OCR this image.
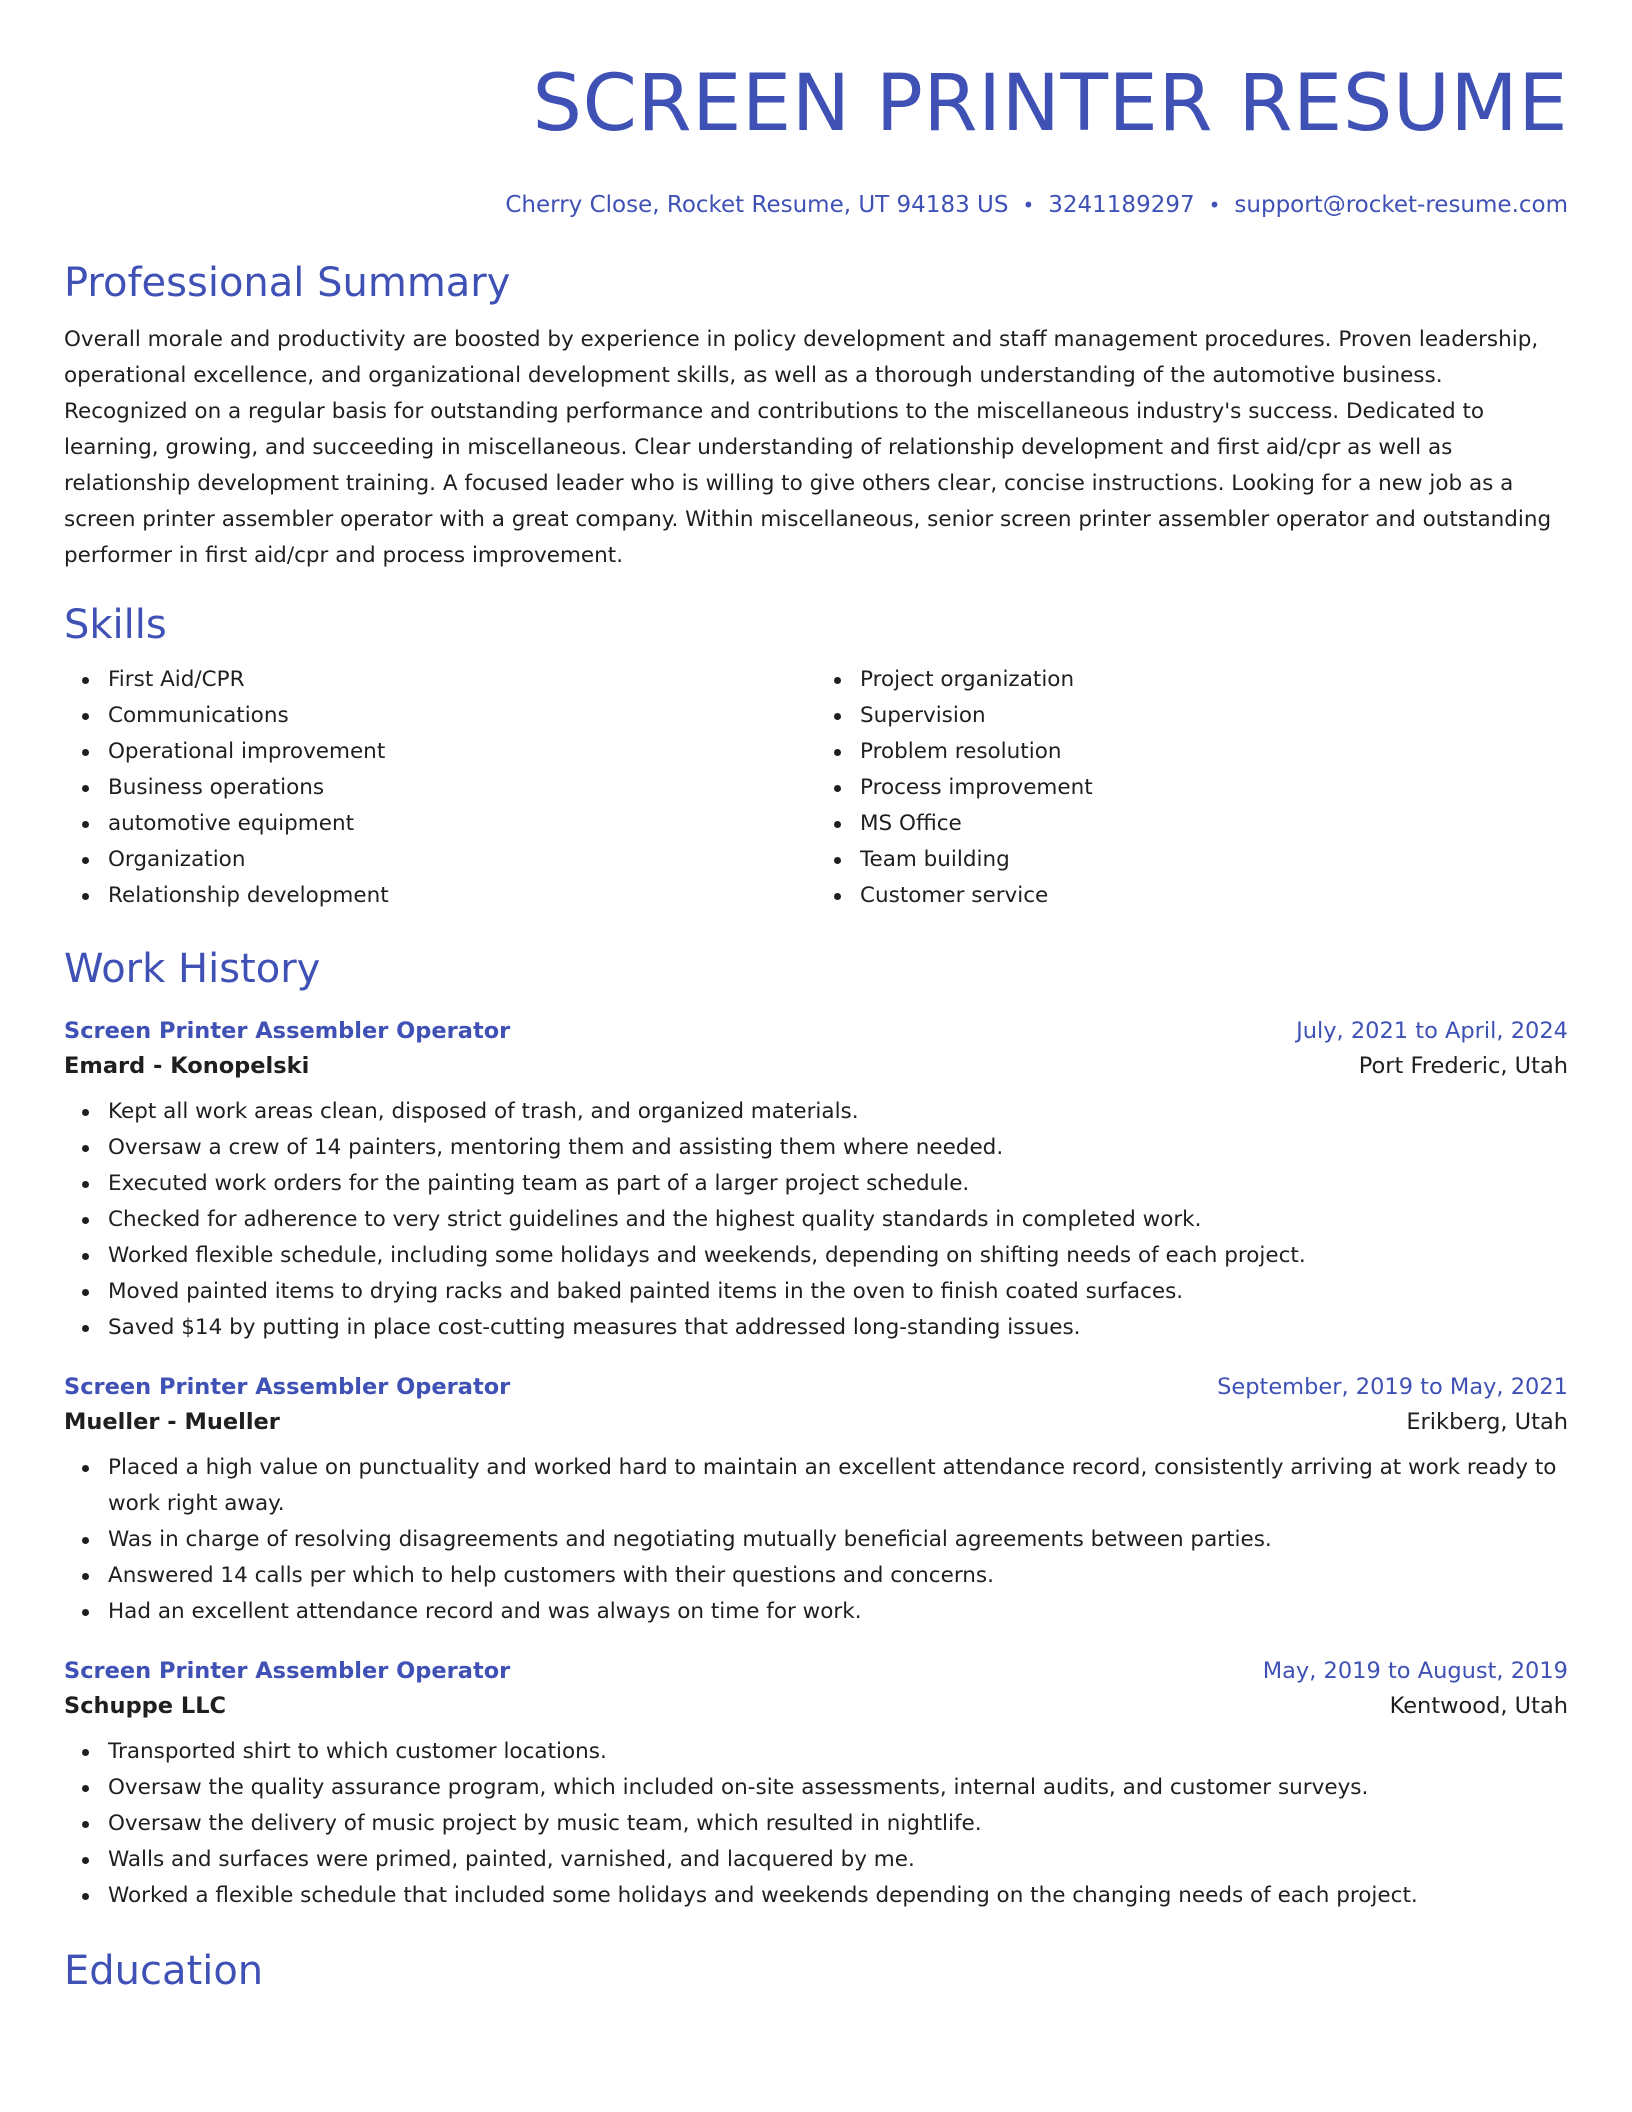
SCREEN PRINTER RESUME
Cherry Close, Rocket Resume, UT 94183 US • 3241189297 • support@rocket-resume.com
Professional Summary
Overall morale and productivity are boosted by experience in policy development and staff management procedures. Proven leadership, operational excellence, and organizational development skills, as well as a thorough understanding of the automotive business. Recognized on a regular basis for outstanding performance and contributions to the miscellaneous industry's success. Dedicated to learning, growing, and succeeding in miscellaneous. Clear understanding of relationship development and first aid/cpr as well as relationship development training. A focused leader who is willing to give others clear, concise instructions. Looking for a new job as a screen printer assembler operator with a great company. Within miscellaneous, senior screen printer assembler operator and outstanding performer in first aid/cpr and process improvement.
Skills
First Aid/CPR
Communications
Operational improvement
Business operations
automotive equipment
Organization
Relationship development
Project organization
Supervision
Problem resolution
Process improvement
MS Office
Team building
Customer service
Work History
Screen Printer Assembler Operator	July, 2021 to April, 2024
Emard - Konopelski	Port Frederic, Utah
Kept all work areas clean, disposed of trash, and organized materials.
Oversaw a crew of 14 painters, mentoring them and assisting them where needed.
Executed work orders for the painting team as part of a larger project schedule.
Checked for adherence to very strict guidelines and the highest quality standards in completed work.
Worked flexible schedule, including some holidays and weekends, depending on shifting needs of each project.
Moved painted items to drying racks and baked painted items in the oven to finish coated surfaces.
Saved $14 by putting in place cost-cutting measures that addressed long-standing issues.
Screen Printer Assembler Operator	September, 2019 to May, 2021
Mueller - Mueller	Erikberg, Utah
Placed a high value on punctuality and worked hard to maintain an excellent attendance record, consistently arriving at work ready to work right away.
Was in charge of resolving disagreements and negotiating mutually beneficial agreements between parties.
Answered 14 calls per which to help customers with their questions and concerns.
Had an excellent attendance record and was always on time for work.
Screen Printer Assembler Operator	May, 2019 to August, 2019
Schuppe LLC	Kentwood, Utah
Transported shirt to which customer locations.
Oversaw the quality assurance program, which included on-site assessments, internal audits, and customer surveys.
Oversaw the delivery of music project by music team, which resulted in nightlife.
Walls and surfaces were primed, painted, varnished, and lacquered by me.
Worked a flexible schedule that included some holidays and weekends depending on the changing needs of each project.
Education
